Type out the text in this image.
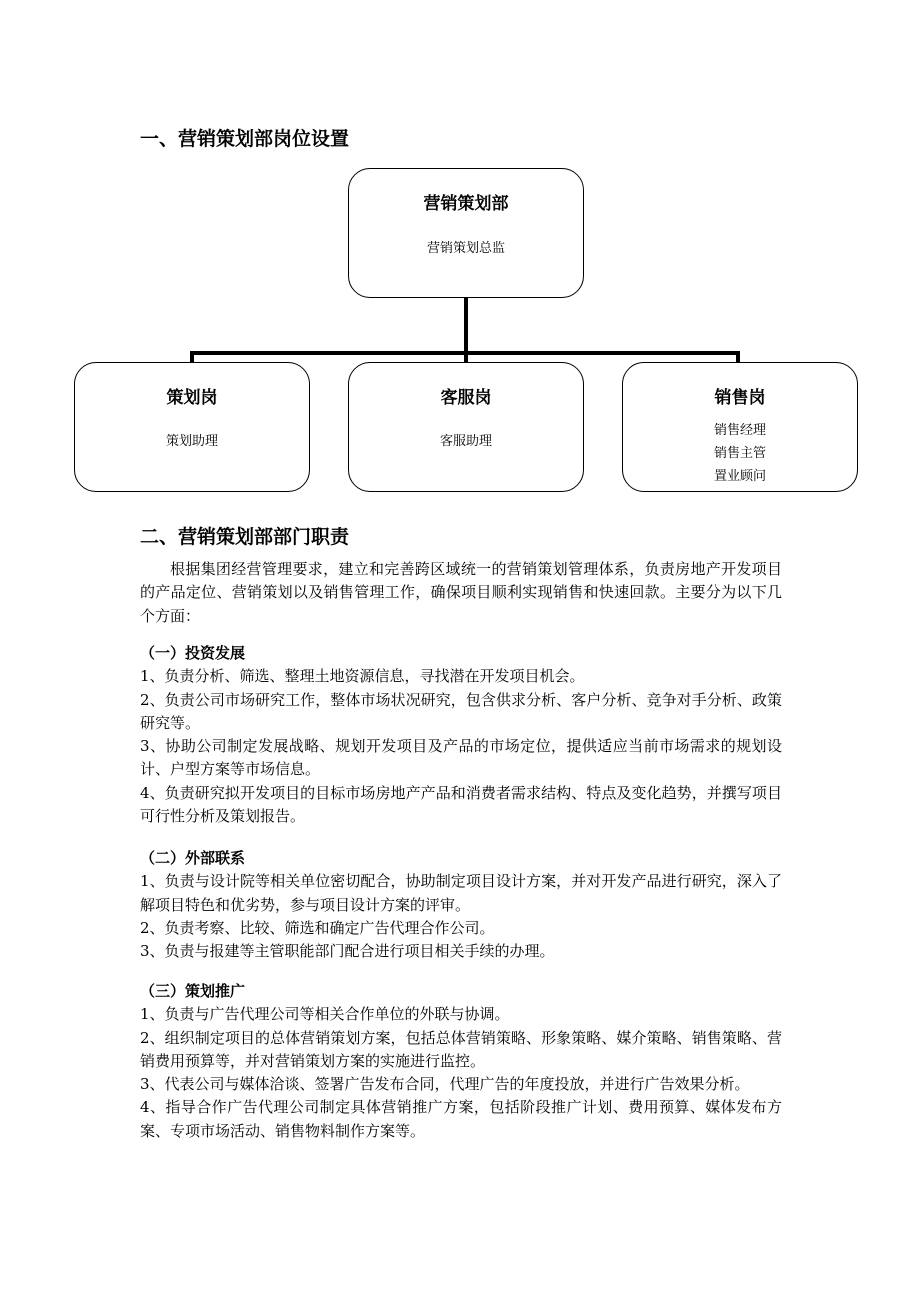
一、营销策划部岗位设置
营销策划部
营销策划总监
策划岗
策划助理
客服岗
客服助理
销售岗
销售经理
销售主管
置业顾问
二、营销策划部部门职责
根据集团经营管理要求，建立和完善跨区域统一的营销策划管理体系，负责房地产开发项目的产品定位、营销策划以及销售管理工作，确保项目顺利实现销售和快速回款。主要分为以下几个方面：
（一）投资发展
1、负责分析、筛选、整理土地资源信息，寻找潜在开发项目机会。
2、负责公司市场研究工作，整体市场状况研究，包含供求分析、客户分析、竞争对手分析、政策研究等。
3、协助公司制定发展战略、规划开发项目及产品的市场定位，提供适应当前市场需求的规划设计、户型方案等市场信息。
4、负责研究拟开发项目的目标市场房地产产品和消费者需求结构、特点及变化趋势，并撰写项目可行性分析及策划报告。
（二）外部联系
1、负责与设计院等相关单位密切配合，协助制定项目设计方案，并对开发产品进行研究，深入了解项目特色和优劣势，参与项目设计方案的评审。
2、负责考察、比较、筛选和确定广告代理合作公司。
3、负责与报建等主管职能部门配合进行项目相关手续的办理。
（三）策划推广
1、负责与广告代理公司等相关合作单位的外联与协调。
2、组织制定项目的总体营销策划方案，包括总体营销策略、形象策略、媒介策略、销售策略、营销费用预算等，并对营销策划方案的实施进行监控。
3、代表公司与媒体洽谈、签署广告发布合同，代理广告的年度投放，并进行广告效果分析。
4、指导合作广告代理公司制定具体营销推广方案，包括阶段推广计划、费用预算、媒体发布方案、专项市场活动、销售物料制作方案等。
